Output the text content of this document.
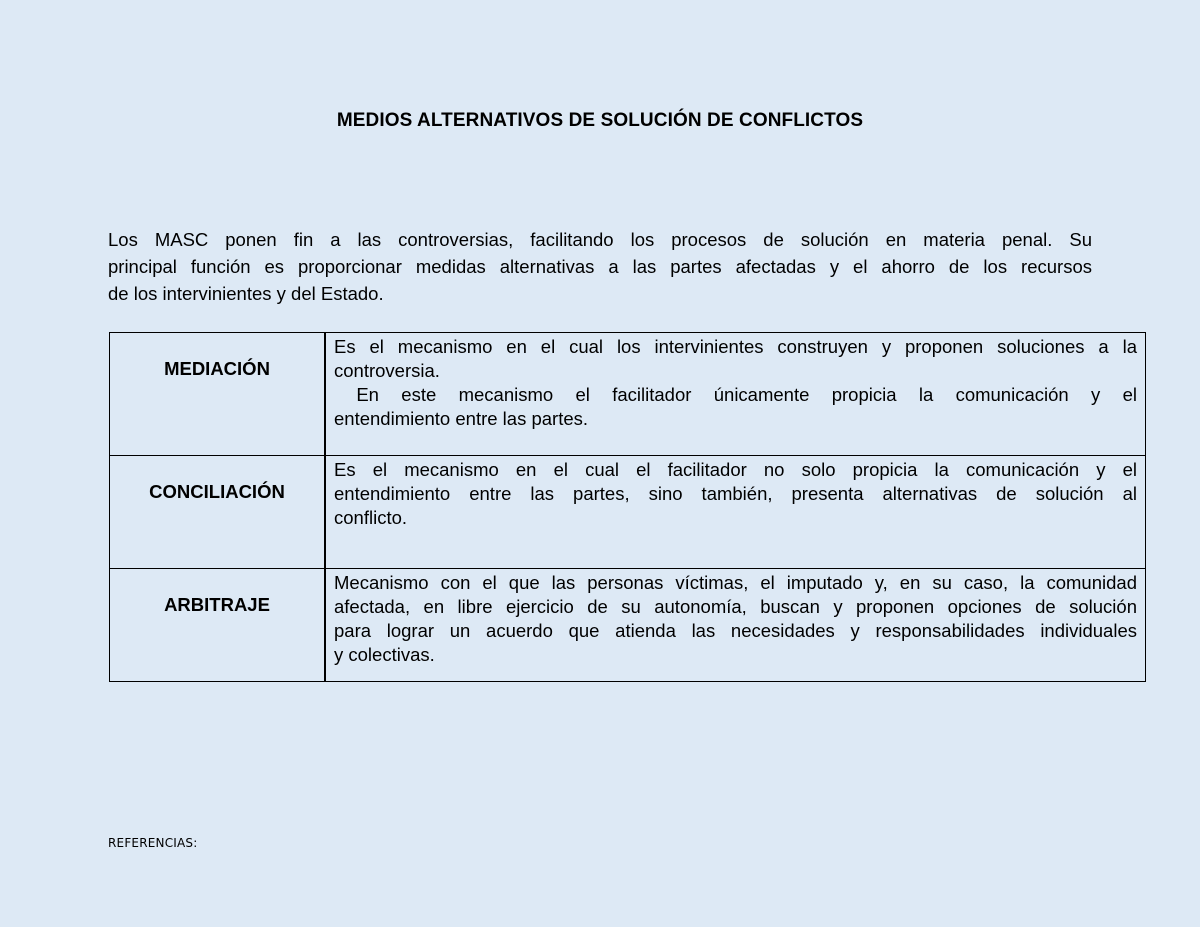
MEDIOS ALTERNATIVOS DE SOLUCIÓN DE CONFLICTOS

Los MASC ponen fin a las controversias, facilitando los procesos de solución en materia penal. Su
principal función es proporcionar medidas alternativas a las partes afectadas y el ahorro de los recursos
de los intervinientes y del Estado.

MEDIACIÓN	Es el mecanismo en el cual los intervinientes construyen y proponen soluciones a la
controversia.
En este mecanismo el facilitador únicamente propicia la comunicación y el
entendimiento entre las partes.

CONCILIACIÓN	Es el mecanismo en el cual el facilitador no solo propicia la comunicación y el
entendimiento entre las partes, sino también, presenta alternativas de solución al
conflicto.

ARBITRAJE	Mecanismo con el que las personas víctimas, el imputado y, en su caso, la comunidad
afectada, en libre ejercicio de su autonomía, buscan y proponen opciones de solución
para lograr un acuerdo que atienda las necesidades y responsabilidades individuales
y colectivas.
REFERENCIAS:
